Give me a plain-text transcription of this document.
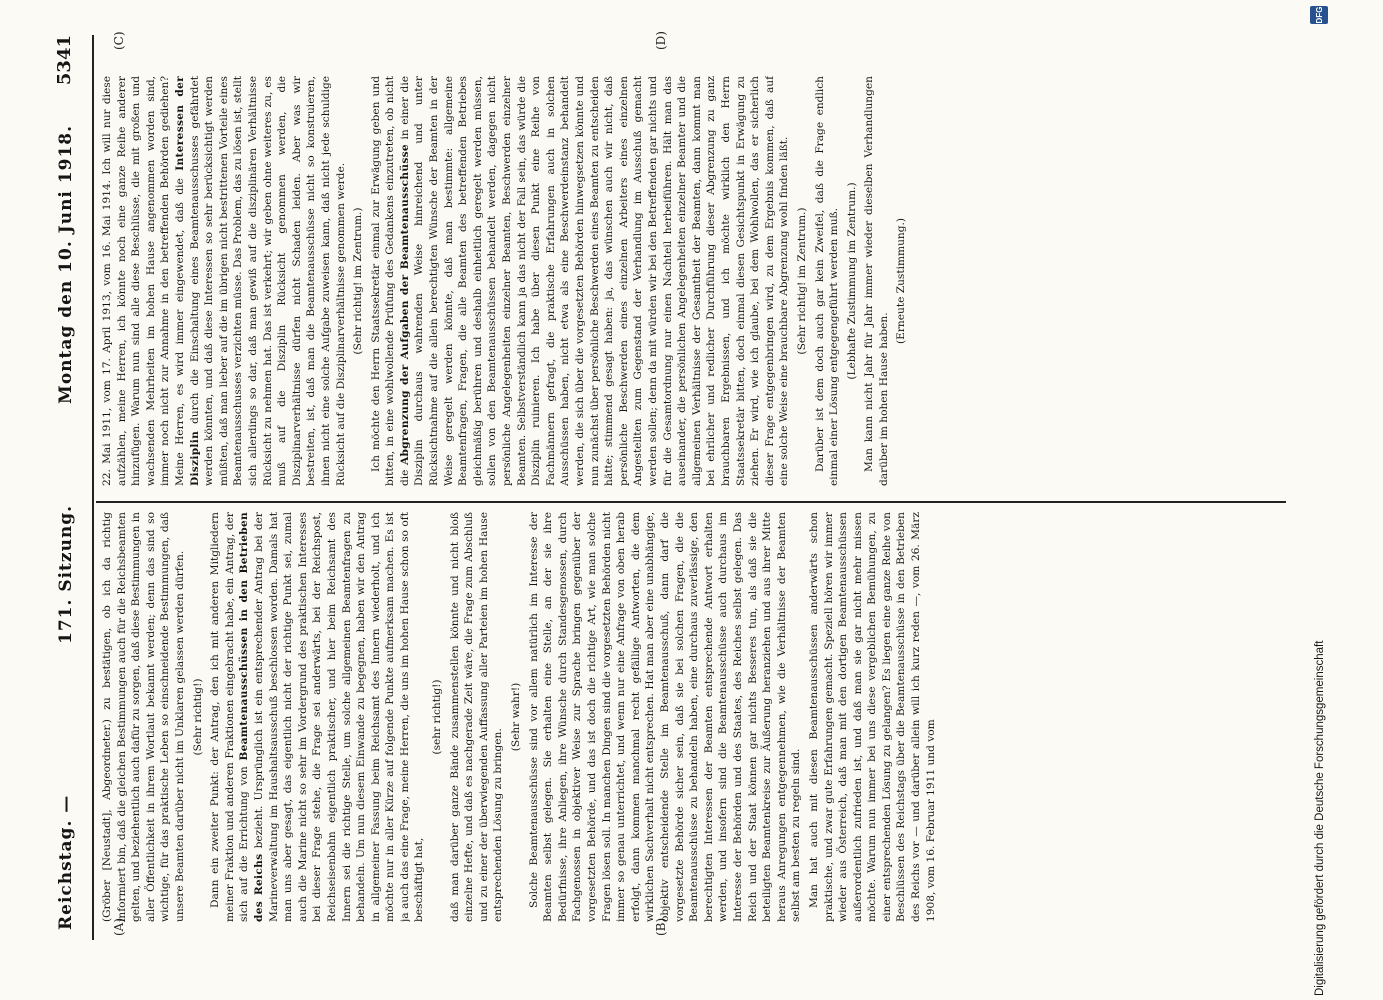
Reichstag. —
171. Sitzung.
Montag den 10. Juni 1918.
5341
(A)	(B)
(C)	(D)

(Gröber [Neustadt], Abgeordneter.) zu bestätigen, ob ich da richtig informiert bin, daß die gleichen Bestimmungen auch für die Reichsbeamten gelten, und beziehentlich auch dafür zu sorgen, daß diese Bestimmungen in aller Öffentlichkeit in ihrem Wortlaut bekannt werden; denn das sind so wichtige, für das praktische Leben so einschneidende Bestimmungen, daß unsere Beamten darüber nicht im Unklaren gelassen werden dürfen. (Sehr richtig!) Dann ein zweiter Punkt: der Antrag, den ich mit anderen Mitgliedern meiner Fraktion und anderen Fraktionen eingebracht habe, ein Antrag, der sich auf die Errichtung von Beamtenausschüssen in den Betrieben des Reichs bezieht. Ursprünglich ist ein entsprechender Antrag bei der Marineverwaltung im Haushaltsausschuß beschlossen worden. Damals hat man uns aber gesagt, das eigentlich nicht der richtige Punkt sei, zumal auch die Marine nicht so sehr im Vordergrund des praktischen Interesses bei dieser Frage stehe, die Frage sei anderwärts, bei der Reichspost, Reichseisenbahn eigentlich praktischer, und hier beim Reichsamt des Innern sei die richtige Stelle, um solche allgemeinen Beamtenfragen zu behandeln. Um nun diesem Einwande zu begegnen, haben wir den Antrag in allgemeiner Fassung beim Reichsamt des Innern wiederholt, und ich möchte nur in aller Kürze auf folgende Punkte aufmerksam machen. Es ist ja auch das eine Frage, meine Herren, die uns im hohen Hause schon so oft beschäftigt hat,

(sehr richtig!) daß man darüber ganze Bände zusammenstellen könnte und nicht bloß einzelne Hefte, und daß es nachgerade Zeit wäre, die Frage zum Abschluß und zu einer der überwiegenden Auffassung aller Parteien im hohen Hause entsprechenden Lösung zu bringen.

(Sehr wahr!) Solche Beamtenausschüsse sind vor allem natürlich im Interesse der Beamten selbst gelegen. Sie erhalten eine Stelle, an der sie ihre Bedürfnisse, ihre Anliegen, ihre Wünsche durch Standesgenossen, durch Fachgenossen in objektiver Weise zur Sprache bringen gegenüber der vorgesetzten Behörde, und das ist doch die richtige Art, wie man solche Fragen lösen soll. In manchen Dingen sind die vorgesetzten Behörden nicht immer so genau unterrichtet, und wenn nur eine Anfrage von oben herab erfolgt, dann kommen manchmal recht gefällige Antworten, die dem wirklichen Sachverhalt nicht entsprechen. Hat man aber eine unabhängige, objektiv entscheidende Stelle im Beamtenausschuß, dann darf die vorgesetzte Behörde sicher sein, daß sie bei solchen Fragen, die die Beamtenausschüsse zu behandeln haben, eine durchaus zuverlässige, den berechtigten Interessen der Beamten entsprechende Antwort erhalten werden, und insofern sind die Beamtenausschüsse auch durchaus im Interesse der Behörden und des Staates, des Reiches selbst gelegen. Das Reich und der Staat können gar nichts Besseres tun, als daß sie die beteiligten Beamtenkreise zur Äußerung heranziehen und aus ihrer Mitte heraus Anregungen entgegennehmen, wie die Verhältnisse der Beamten selbst am besten zu regeln sind. Man hat auch mit diesen Beamtenausschüssen anderwärts schon praktische, und zwar gute Erfahrungen gemacht. Speziell hören wir immer wieder aus Österreich, daß man mit den dortigen Beamtenausschüssen außerordentlich zufrieden ist, und daß man sie gar nicht mehr missen möchte. Warum nun immer bei uns diese vergeblichen Bemühungen, zu einer entsprechenden Lösung zu gelangen? Es liegen eine ganze Reihe von Beschlüssen des Reichstags über die Beamtenausschüsse in den Betrieben des Reichs vor — und darüber allein will ich kurz reden —, vom 26. März 1908, vom 16. Februar 1911 und vom

22. Mai 1911, vom 17. April 1913, vom 16. Mai 1914. Ich will nur diese aufzählen, meine Herren, ich könnte noch eine ganze Reihe anderer hinzufügen. Warum nun sind alle diese Beschlüsse, die mit großen und wachsenden Mehrheiten im hohen Hause angenommen worden sind, immer noch nicht zur Annahme in den betreffenden Behörden gediehen? Meine Herren, es wird immer eingewendet, daß die Interessen der Disziplin durch die Einschaltung eines Beamtenausschusses gefährdet werden könnten, und daß diese Interessen so sehr berücksichtigt werden müßten, daß man lieber auf die im übrigen nicht bestrittenen Vorteile eines Beamtenausschusses verzichten müsse. Das Problem, das zu lösen ist, stellt sich allerdings so dar, daß man gewiß auf die disziplinären Verhältnisse Rücksicht zu nehmen hat. Das ist verkehrt; wir geben ohne weiteres zu, es muß auf die Disziplin Rücksicht genommen werden, die Disziplinarverhältnisse dürfen nicht Schaden leiden. Aber was wir bestreiten, ist, daß man die Beamtenausschüsse nicht so konstruieren, ihnen nicht eine solche Aufgabe zuweisen kann, daß nicht jede schuldige Rücksicht auf die Disziplinarverhältnisse genommen werde. (Sehr richtig! im Zentrum.) Ich möchte den Herrn Staatssekretär einmal zur Erwägung geben und bitten, in eine wohlwollende Prüfung des Gedankens einzutreten, ob nicht die Abgrenzung der Aufgaben der Beamtenausschüsse in einer die Disziplin durchaus wahrenden Weise hinreichend und unter Rücksichtnahme auf die allein berechtigten Wünsche der Beamten in der Weise geregelt werden könnte, daß man bestimmte: allgemeine Beamtenfragen, Fragen, die alle Beamten des betreffenden Betriebes gleichmäßig berühren und deshalb einheitlich geregelt werden müssen, sollen von den Beamtenausschüssen behandelt werden, dagegen nicht persönliche Angelegenheiten einzelner Beamten, Beschwerden einzelner Beamten. Selbstverständlich kann ja das nicht der Fall sein, das würde die Disziplin ruinieren. Ich habe über diesen Punkt eine Reihe von Fachmännern gefragt, die praktische Erfahrungen auch in solchen Ausschüssen haben, nicht etwa als eine Beschwerdeinstanz behandelt werden, die sich über die vorgesetzten Behörden hinwegsetzen könnte und nun zunächst über persönliche Beschwerden eines Beamten zu entscheiden hätte; stimmend gesagt haben: ja, das wünschen auch wir nicht, daß persönliche Beschwerden eines einzelnen Arbeiters eines einzelnen Angestellten zum Gegenstand der Verhandlung im Ausschuß gemacht werden sollen; denn da mit würden wir bei den Betreffenden gar nichts und für die Gesamtordnung nur einen Nachteil herbeiführen. Hält man das auseinander, die persönlichen Angelegenheiten einzelner Beamter und die allgemeinen Verhältnisse der Gesamtheit der Beamten, dann kommt man bei ehrlicher und redlicher Durchführung dieser Abgrenzung zu ganz brauchbaren Ergebnissen, und ich möchte wirklich den Herrn Staatssekretär bitten, doch einmal diesen Gesichtspunkt in Erwägung zu ziehen. Er wird, wie ich glaube, bei dem Wohlwollen, das er sicherlich dieser Frage entgegenbringen wird, zu dem Ergebnis kommen, daß auf eine solche Weise eine brauchbare Abgrenzung wohl finden läßt. (Sehr richtig! im Zentrum.) Darüber ist dem doch auch gar kein Zweifel, daß die Frage endlich einmal einer Lösung entgegengeführt werden muß. (Lebhafte Zustimmung im Zentrum.) Man kann nicht Jahr für Jahr immer wieder dieselben Verhandlungen darüber im hohen Hause haben.

(Erneute Zustimmung.)

Digitalisierung gefördert durch die Deutsche Forschungsgemeinschaft
DFG
